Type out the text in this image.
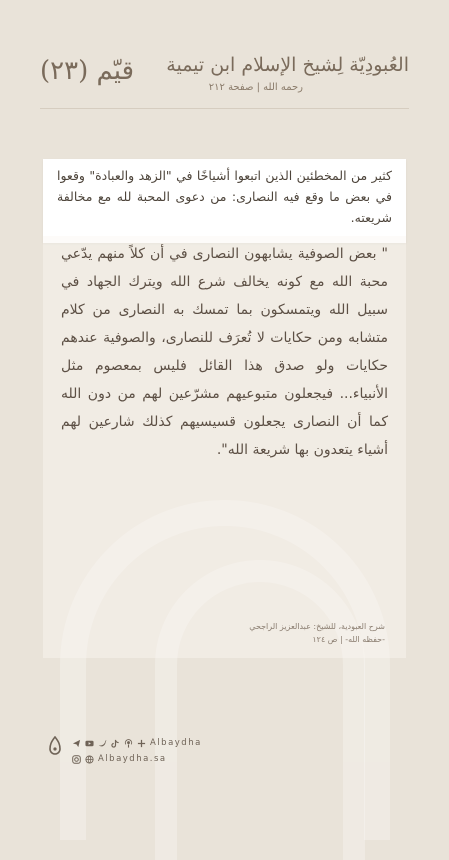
العُبودِيّة لِشيخ الإسلام ابن تيمية
رحمه الله | صفحة ٢١٢
قيّم (٢٣)
كثير من المخطئين الذين اتبعوا أشياخًا في "الزهد والعبادة" وقعوا في بعض ما وقع فيه النصارى: من دعوى المحبة لله مع مخالفة شريعته.
" بعض الصوفية يشابهون النصارى في أن كلاً منهم يدّعي محبة الله مع كونه يخالف شرع الله ويترك الجهاد في سبيل الله ويتمسكون بما تمسك به النصارى من كلام متشابه ومن حكايات لا تُعرَف للنصارى، والصوفية عندهم حكايات ولو صدق هذا القائل فليس بمعصوم مثل الأنبياء... فيجعلون متبوعيهم مشرّعين لهم من دون الله كما أن النصارى يجعلون قسيسيهم كذلك شارعين لهم أشياء يتعدون بها شريعة الله".
شرح العبودية، للشيخ: عبدالعزيز الراجحي
-حفظه الله- | ص ١٢٤
Albaydha
Albaydha.sa
